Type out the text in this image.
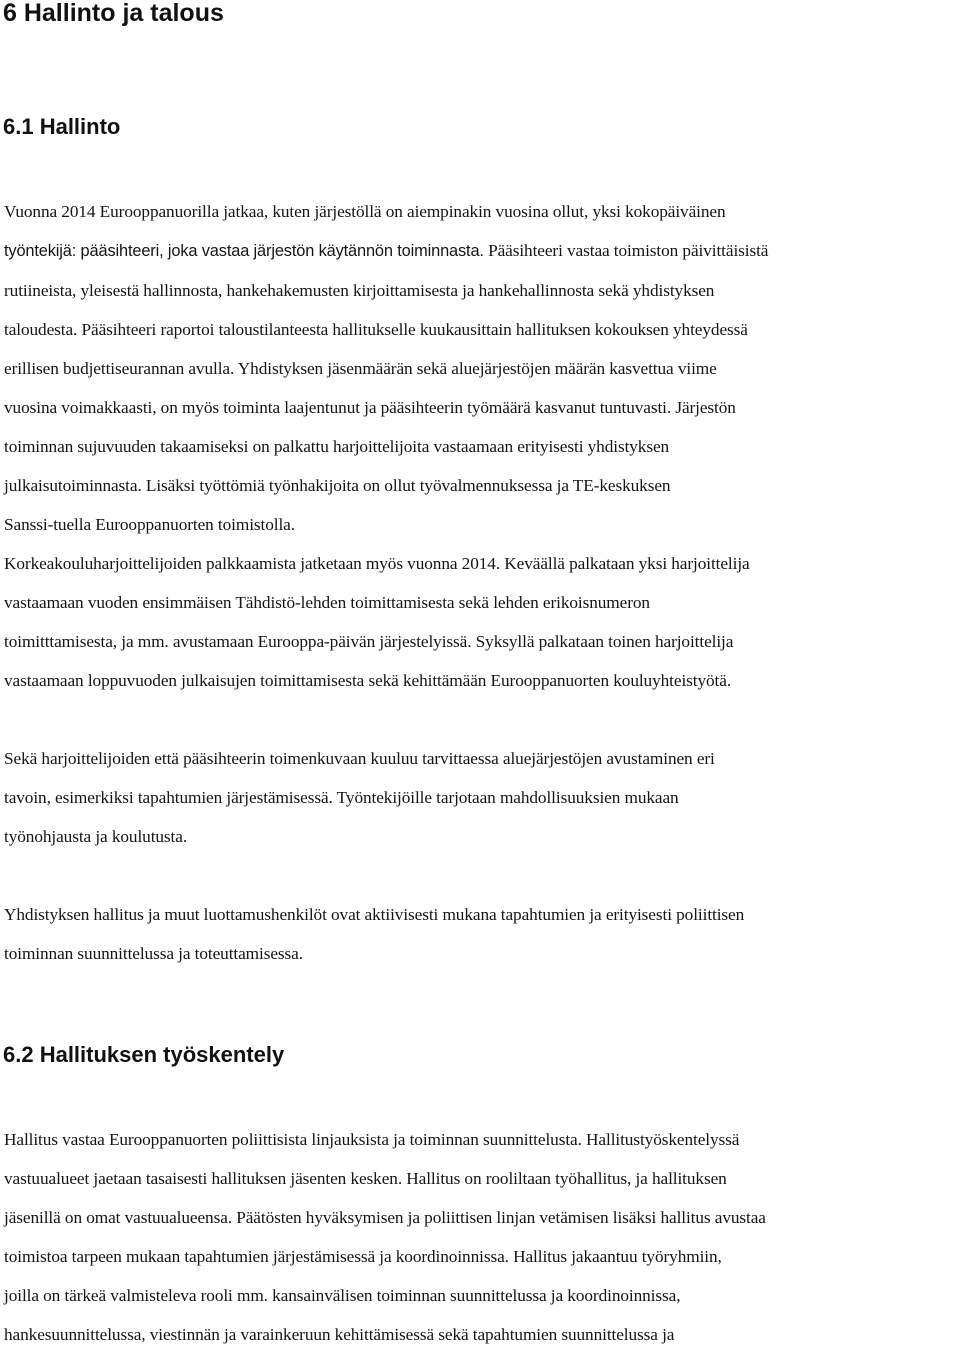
6 Hallinto ja talous
6.1 Hallinto
Vuonna 2014 Eurooppanuorilla jatkaa, kuten järjestöllä on aiempinakin vuosina ollut, yksi kokopäiväinen
työntekijä: pääsihteeri, joka vastaa järjestön käytännön toiminnasta. Pääsihteeri vastaa toimiston päivittäisistä
rutiineista, yleisestä hallinnosta, hankehakemusten kirjoittamisesta ja hankehallinnosta sekä yhdistyksen
taloudesta. Pääsihteeri raportoi taloustilanteesta hallitukselle kuukausittain hallituksen kokouksen yhteydessä
erillisen budjettiseurannan avulla. Yhdistyksen jäsenmäärän sekä aluejärjestöjen määrän kasvettua viime
vuosina voimakkaasti, on myös toiminta laajentunut ja pääsihteerin työmäärä kasvanut tuntuvasti. Järjestön
toiminnan sujuvuuden takaamiseksi on palkattu harjoittelijoita vastaamaan erityisesti yhdistyksen
julkaisutoiminnasta. Lisäksi työttömiä työnhakijoita on ollut työvalmennuksessa ja TE-keskuksen
Sanssi-tuella Eurooppanuorten toimistolla.
Korkeakouluharjoittelijoiden palkkaamista jatketaan myös vuonna 2014. Keväällä palkataan yksi harjoittelija
vastaamaan vuoden ensimmäisen Tähdistö-lehden toimittamisesta sekä lehden erikoisnumeron
toimitttamisesta, ja mm. avustamaan Eurooppa-päivän järjestelyissä. Syksyllä palkataan toinen harjoittelija
vastaamaan loppuvuoden julkaisujen toimittamisesta sekä kehittämään Eurooppanuorten kouluyhteistyötä.
Sekä harjoittelijoiden että pääsihteerin toimenkuvaan kuuluu tarvittaessa aluejärjestöjen avustaminen eri
tavoin, esimerkiksi tapahtumien järjestämisessä. Työntekijöille tarjotaan mahdollisuuksien mukaan
työnohjausta ja koulutusta.
Yhdistyksen hallitus ja muut luottamushenkilöt ovat aktiivisesti mukana tapahtumien ja erityisesti poliittisen
toiminnan suunnittelussa ja toteuttamisessa.
6.2 Hallituksen työskentely
Hallitus vastaa Eurooppanuorten poliittisista linjauksista ja toiminnan suunnittelusta. Hallitustyöskentelyssä
vastuualueet jaetaan tasaisesti hallituksen jäsenten kesken. Hallitus on rooliltaan työhallitus, ja hallituksen
jäsenillä on omat vastuualueensa. Päätösten hyväksymisen ja poliittisen linjan vetämisen lisäksi hallitus avustaa
toimistoa tarpeen mukaan tapahtumien järjestämisessä ja koordinoinnissa. Hallitus jakaantuu työryhmiin,
joilla on tärkeä valmisteleva rooli mm. kansainvälisen toiminnan suunnittelussa ja koordinoinnissa,
hankesuunnittelussa, viestinnän ja varainkeruun kehittämisessä sekä tapahtumien suunnittelussa ja
